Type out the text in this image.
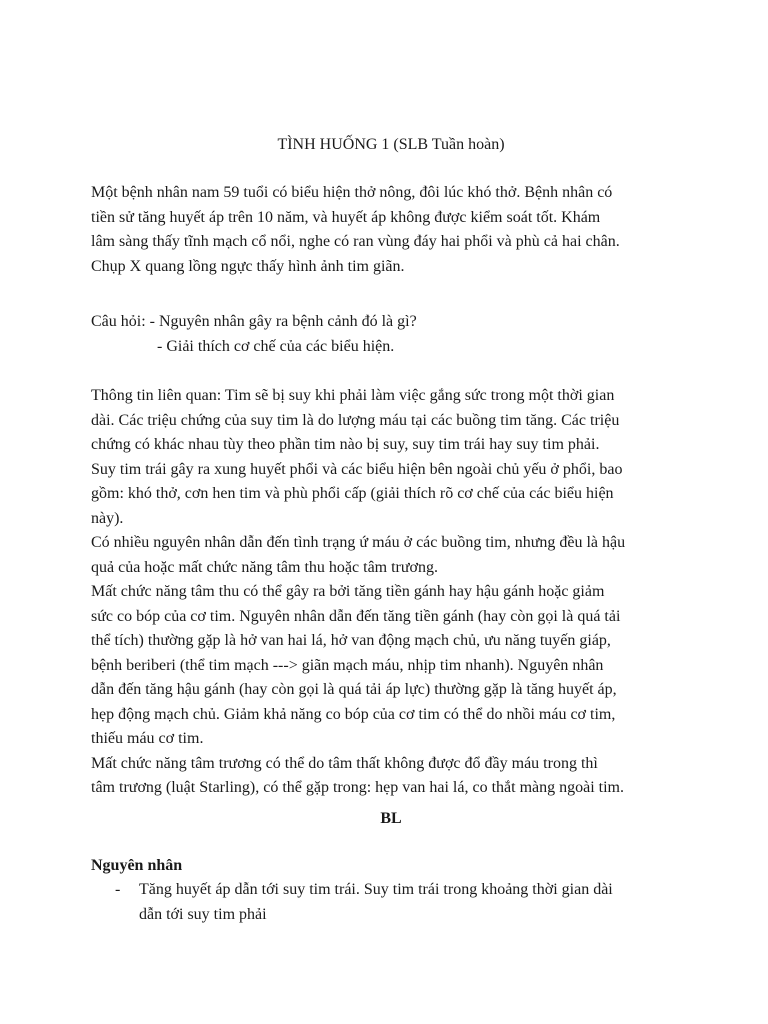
TÌNH HUỐNG 1 (SLB Tuần hoàn)
Một bệnh nhân nam 59 tuổi có biểu hiện thở nông, đôi lúc khó thở. Bệnh nhân có
tiền sử tăng huyết áp trên 10 năm, và huyết áp không được kiểm soát tốt. Khám
lâm sàng thấy tĩnh mạch cổ nổi, nghe có ran vùng đáy hai phổi và phù cả hai chân.
Chụp X quang lồng ngực thấy hình ảnh tim giãn.
Câu hỏi: - Nguyên nhân gây ra bệnh cảnh đó là gì?
- Giải thích cơ chế của các biểu hiện.
Thông tin liên quan: Tim sẽ bị suy khi phải làm việc gắng sức trong một thời gian
dài. Các triệu chứng của suy tim là do lượng máu tại các buồng tim tăng. Các triệu
chứng có khác nhau tùy theo phần tim nào bị suy, suy tim trái hay suy tim phải.
Suy tim trái gây ra xung huyết phổi và các biểu hiện bên ngoài chủ yếu ở phổi, bao
gồm: khó thở, cơn hen tim và phù phổi cấp (giải thích rõ cơ chế của các biểu hiện
này).
Có nhiều nguyên nhân dẫn đến tình trạng ứ máu ở các buồng tim, nhưng đều là hậu
quả của hoặc mất chức năng tâm thu hoặc tâm trương.
Mất chức năng tâm thu có thể gây ra bởi tăng tiền gánh hay hậu gánh hoặc giảm
sức co bóp của cơ tim. Nguyên nhân dẫn đến tăng tiền gánh (hay còn gọi là quá tải
thể tích) thường gặp là hở van hai lá, hở van động mạch chủ, ưu năng tuyến giáp,
bệnh beriberi (thể tim mạch ---> giãn mạch máu, nhịp tim nhanh). Nguyên nhân
dẫn đến tăng hậu gánh (hay còn gọi là quá tải áp lực) thường gặp là tăng huyết áp,
hẹp động mạch chủ. Giảm khả năng co bóp của cơ tim có thể do nhồi máu cơ tim,
thiếu máu cơ tim.
Mất chức năng tâm trương có thể do tâm thất không được đổ đầy máu trong thì
tâm trương (luật Starling), có thể gặp trong: hẹp van hai lá, co thắt màng ngoài tim.

BL

Nguyên nhân
-	Tăng huyết áp dẫn tới suy tim trái. Suy tim trái trong khoảng thời gian dài
dẫn tới suy tim phải
